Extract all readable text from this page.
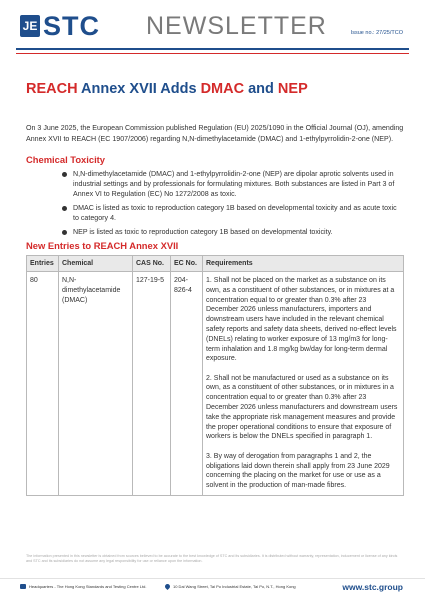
JE STC NEWSLETTER	Issue no.: 27/25/TCO
REACH Annex XVII Adds DMAC and NEP

On 3 June 2025, the European Commission published Regulation (EU) 2025/1090 in the Official Journal (OJ), amending Annex XVII to REACH (EC 1907/2006) regarding N,N-dimethylacetamide (DMAC) and 1-ethylpyrrolidin-2-one (NEP).

Chemical Toxicity
N,N-dimethylacetamide (DMAC) and 1-ethylpyrrolidin-2-one (NEP) are dipolar aprotic solvents used in industrial settings and by professionals for formulating mixtures. Both substances are listed in Part 3 of Annex VI to Regulation (EC) No 1272/2008 as toxic.
DMAC is listed as toxic to reproduction category 1B based on developmental toxicity and as acute toxic to category 4.
NEP is listed as toxic to reproduction category 1B based on developmental toxicity.
New Entries to REACH Annex XVII
Entries	Chemical	CAS No.	EC No.	Requirements
80	N,N-dimethylacetamide (DMAC)	127-19-5	204-826-4	1. Shall not be placed on the market as a substance on its own, as a constituent of other substances, or in mixtures at a concentration equal to or greater than 0.3% after 23 December 2026 unless manufacturers, importers and downstream users have included in the relevant chemical safety reports and safety data sheets, derived no-effect levels (DNELs) relating to worker exposure of 13 mg/m3 for long-term inhalation and 1.8 mg/kg bw/day for long-term dermal exposure.

2. Shall not be manufactured or used as a substance on its own, as a constituent of other substances, or in mixtures in a concentration equal to or greater than 0.3% after 23 December 2026 unless manufacturers and downstream users take the appropriate risk management measures and provide the proper operational conditions to ensure that exposure of workers is below the DNELs specified in paragraph 1.

3. By way of derogation from paragraphs 1 and 2, the obligations laid down therein shall apply from 23 June 2029 concerning the placing on the market for use or use as a solvent in the production of man-made fibres.

The information presented in this newsletter is obtained from sources believed to be accurate to the best knowledge of STC and its subsidiaries. It is distributed without warranty, representation, inducement or license of any kinds and STC and its subsidiaries do not assume any legal responsibility for use or reliance upon the information.
Headquarters - The Hong Kong Standards and Testing Centre Ltd.	10 Dai Wang Street, Tai Po Industrial Estate, Tai Po, N.T., Hong Kong	www.stc.group
